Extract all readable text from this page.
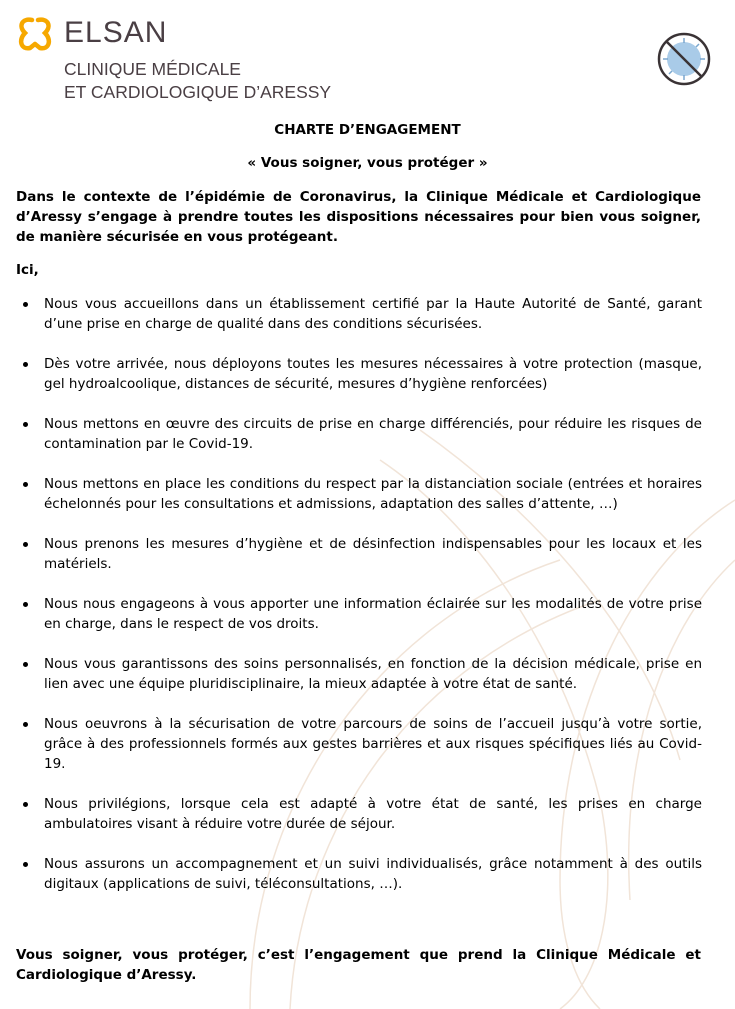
ELSAN
CLINIQUE MÉDICALE
ET CARDIOLOGIQUE D’ARESSY
CHARTE D’ENGAGEMENT
« Vous soigner, vous protéger »
Dans le contexte de l’épidémie de Coronavirus, la Clinique Médicale et Cardiologique d’Aressy s’engage à prendre toutes les dispositions nécessaires pour bien vous soigner, de manière sécurisée en vous protégeant.
Ici,
Nous vous accueillons dans un établissement certifié par la Haute Autorité de Santé, garant d’une prise en charge de qualité dans des conditions sécurisées.
Dès votre arrivée, nous déployons toutes les mesures nécessaires à votre protection (masque, gel hydroalcoolique, distances de sécurité, mesures d’hygiène renforcées)
Nous mettons en œuvre des circuits de prise en charge différenciés, pour réduire les risques de contamination par le Covid-19.
Nous mettons en place les conditions du respect par la distanciation sociale (entrées et horaires échelonnés pour les consultations et admissions, adaptation des salles d’attente, …)
Nous prenons les mesures d’hygiène et de désinfection indispensables pour les locaux et les matériels.
Nous nous engageons à vous apporter une information éclairée sur les modalités de votre prise en charge, dans le respect de vos droits.
Nous vous garantissons des soins personnalisés, en fonction de la décision médicale, prise en lien avec une équipe pluridisciplinaire, la mieux adaptée à votre état de santé.
Nous oeuvrons à la sécurisation de votre parcours de soins de l’accueil jusqu’à votre sortie, grâce à des professionnels formés aux gestes barrières et aux risques spécifiques liés au Covid-19.
Nous privilégions, lorsque cela est adapté à votre état de santé, les prises en charge ambulatoires visant à réduire votre durée de séjour.
Nous assurons un accompagnement et un suivi individualisés, grâce notamment à des outils digitaux (applications de suivi, téléconsultations, …).
Vous soigner, vous protéger, c’est l’engagement que prend la Clinique Médicale et Cardiologique d’Aressy.
